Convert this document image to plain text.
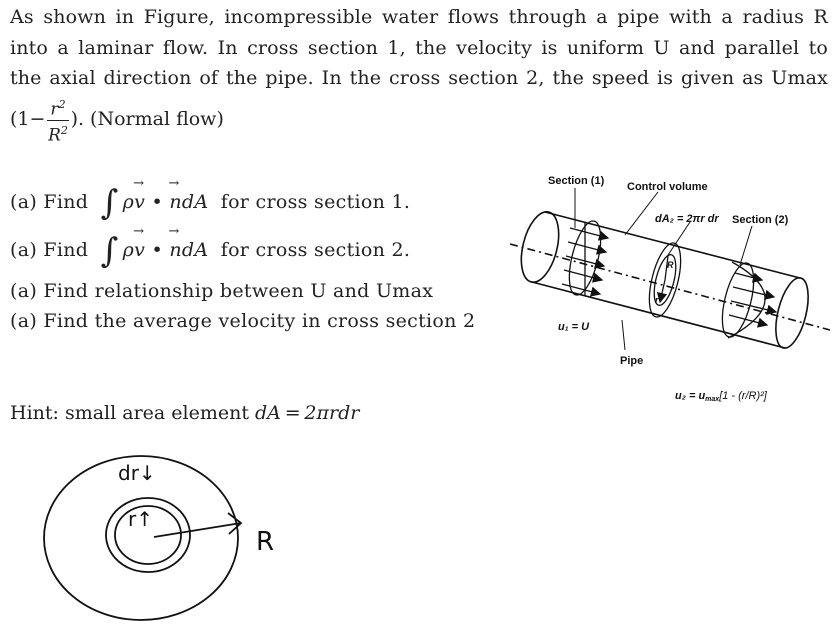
As shown in Figure, incompressible water flows through a pipe with a radius R
into a laminar flow. In cross section 1, the velocity is uniform U and parallel to
the axial direction of the pipe. In the cross section 2, the speed is given as Umax
($1- \frac{r^2}{R^2}$ ). (Normal flow)
(a) Find ∫ ρ→ v • → ndA for cross section 1.
(a) Find ∫ ρ→ v • → ndA for cross section 2.
(a) Find relationship between U and Umax
(a) Find the average velocity in cross section 2
Hint: small area element dA = 2πrdr
Section (1) Control volume
dA₂ = 2πr dr Section (2)
u₁ = U
Pipe
R
r
u₂ = umax[1 - (r/R)²]
dr↓
r↑
R
